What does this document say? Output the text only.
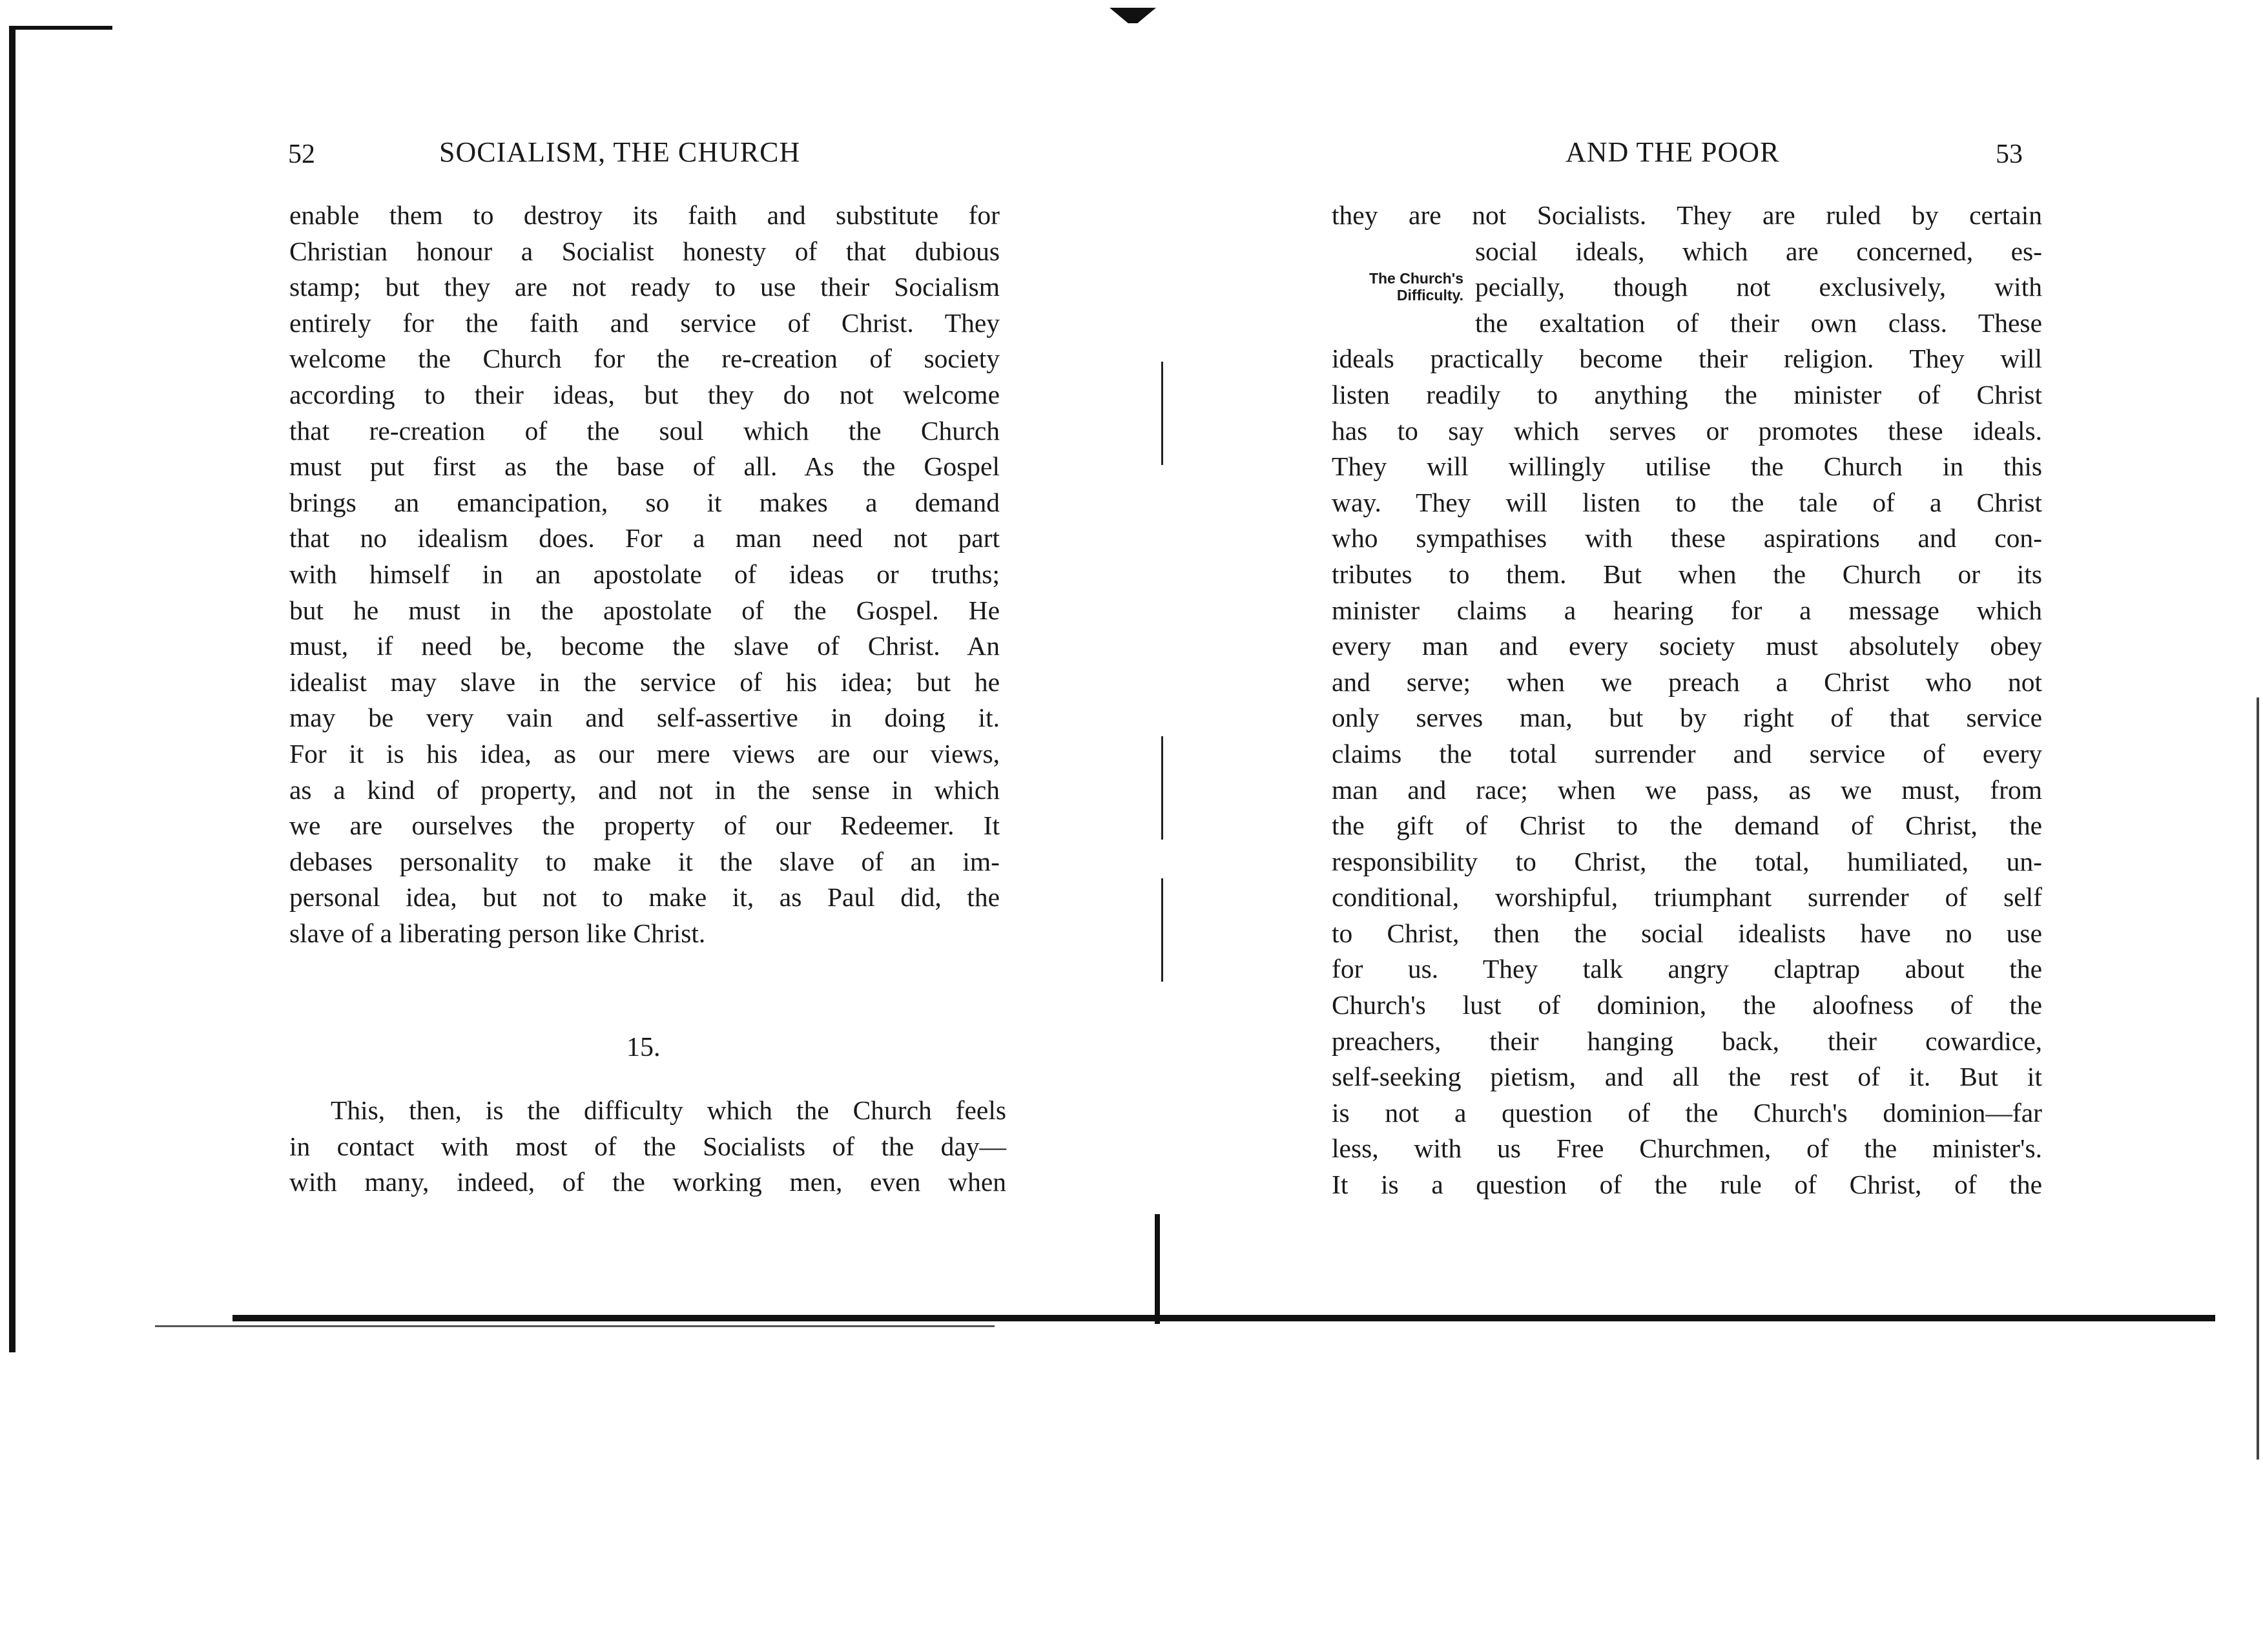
52	SOCIALISM, THE CHURCH
enable them to destroy its faith and substitute for
Christian honour a Socialist honesty of that dubious
stamp; but they are not ready to use their Socialism
entirely for the faith and service of Christ. They
welcome the Church for the re-creation of society
according to their ideas, but they do not welcome
that re-creation of the soul which the Church
must put first as the base of all. As the Gospel
brings an emancipation, so it makes a demand
that no idealism does. For a man need not part
with himself in an apostolate of ideas or truths;
but he must in the apostolate of the Gospel. He
must, if need be, become the slave of Christ. An
idealist may slave in the service of his idea; but he
may be very vain and self-assertive in doing it.
For it is his idea, as our mere views are our views,
as a kind of property, and not in the sense in which
we are ourselves the property of our Redeemer. It
debases personality to make it the slave of an im-
personal idea, but not to make it, as Paul did, the
slave of a liberating person like Christ.
15.
This, then, is the difficulty which the Church feels
in contact with most of the Socialists of the day—
with many, indeed, of the working men, even when
AND THE POOR	53
The Church's
Difficulty.
they are not Socialists. They are ruled by certain
social ideals, which are concerned, es-
pecially, though not exclusively, with
the exaltation of their own class. These
ideals practically become their religion. They will
listen readily to anything the minister of Christ
has to say which serves or promotes these ideals.
They will willingly utilise the Church in this
way. They will listen to the tale of a Christ
who sympathises with these aspirations and con-
tributes to them. But when the Church or its
minister claims a hearing for a message which
every man and every society must absolutely obey
and serve; when we preach a Christ who not
only serves man, but by right of that service
claims the total surrender and service of every
man and race; when we pass, as we must, from
the gift of Christ to the demand of Christ, the
responsibility to Christ, the total, humiliated, un-
conditional, worshipful, triumphant surrender of self
to Christ, then the social idealists have no use
for us. They talk angry claptrap about the
Church's lust of dominion, the aloofness of the
preachers, their hanging back, their cowardice,
self-seeking pietism, and all the rest of it. But it
is not a question of the Church's dominion—far
less, with us Free Churchmen, of the minister's.
It is a question of the rule of Christ, of the
